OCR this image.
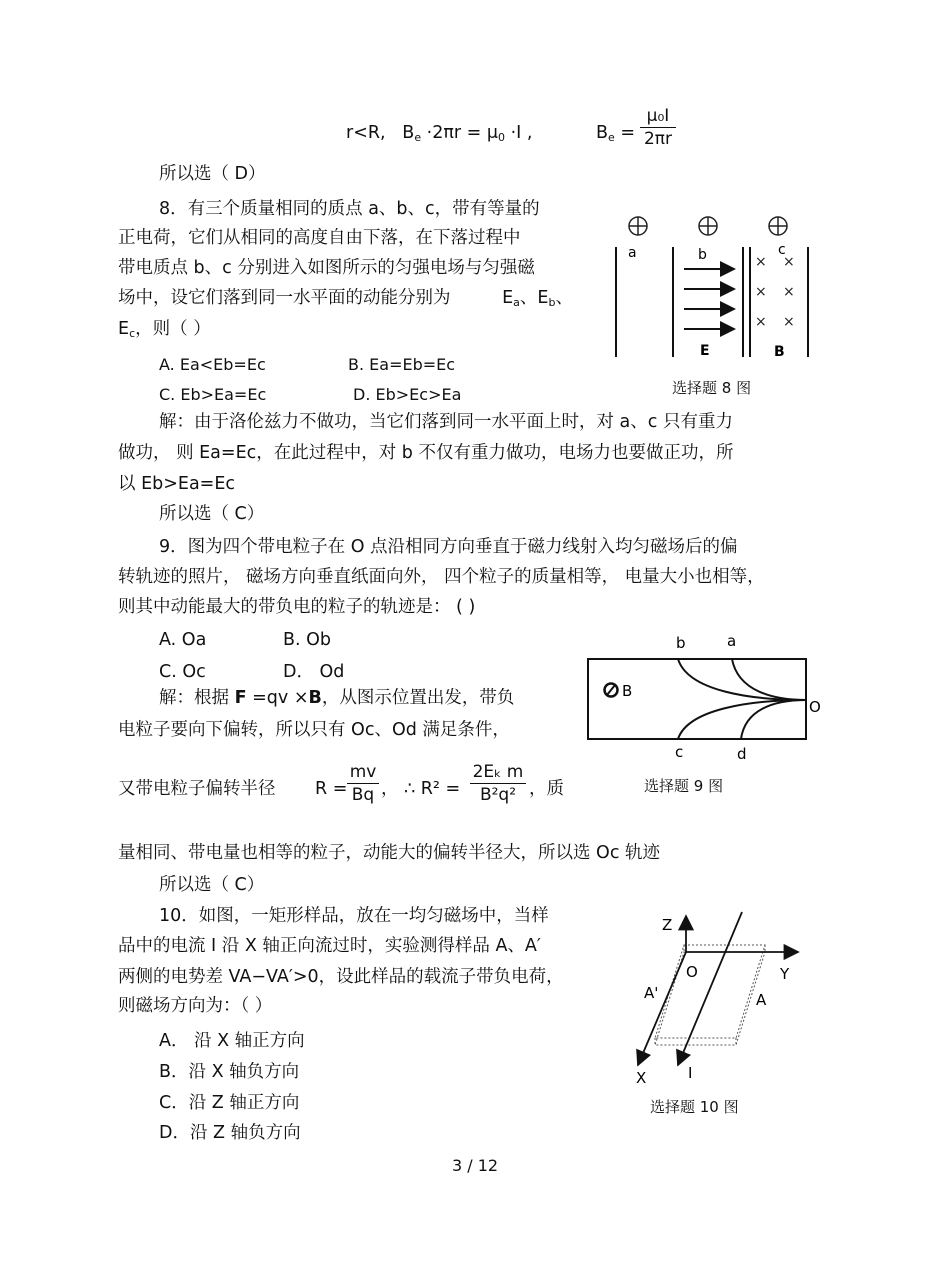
r<R, $B_e \cdot 2\pi r = \mu_0 \cdot I$ ,	$B_e = \frac{\text{μ₀I}}{2\pi r}$
所以选（ D）
8．有三个质量相同的质点 a、b、c，带有等量的
正电荷，它们从相同的高度自由下落，在下落过程中
带电质点 b、c 分别进入如图所示的匀强电场与匀强磁
场中，设它们落到同一水平面的动能分别为	$E_a$、$E_b$、
$E_c$，则（ ）
A. Ea<Eb=Ec	B. Ea=Eb=Ec
C. Eb>Ea=Ec	D. Eb>Ec>Ea
解：由于洛伦兹力不做功，当它们落到同一水平面上时，对 a、c 只有重力
做功， 则 Ea=Ec，在此过程中，对 b 不仅有重力做功，电场力也要做正功，所
以 Eb>Ea=Ec
所以选（ C）
× ×
× ×
× ×
a	b	c
E	B
选择题 8 图
9．图为四个带电粒子在 O 点沿相同方向垂直于磁力线射入均匀磁场后的偏
转轨迹的照片， 磁场方向垂直纸面向外， 四个粒子的质量相等， 电量大小也相等，
则其中动能最大的带负电的粒子的轨迹是： ( )
A. Oa	B. Ob
C. Oc	D． Od
解：根据 F =qv ×B，从图示位置出发，带负
电粒子要向下偏转，所以只有 Oc、Od 满足条件，
又带电粒子偏转半径 $R = \frac{mv}{Bq}$ ， ∴ $R^2 = \frac{\text{2Eₖ m}}{\text{B²q²}}$ ，质
量相同、带电量也相等的粒子，动能大的偏转半径大，所以选 Oc 轨迹
所以选（ C）
B
b	a
c	d
O
选择题 9 图
10．如图，一矩形样品，放在一均匀磁场中，当样
品中的电流 I 沿 X 轴正向流过时，实验测得样品 A、A′
两侧的电势差 VA−VA′>0，设此样品的载流子带负电荷，
则磁场方向为：（ ）
A． 沿 X 轴正方向
B．沿 X 轴负方向
C．沿 Z 轴正方向
D．沿 Z 轴负方向
Z
O	Y
A'	A
X	I
选择题 10 图
3 / 12
